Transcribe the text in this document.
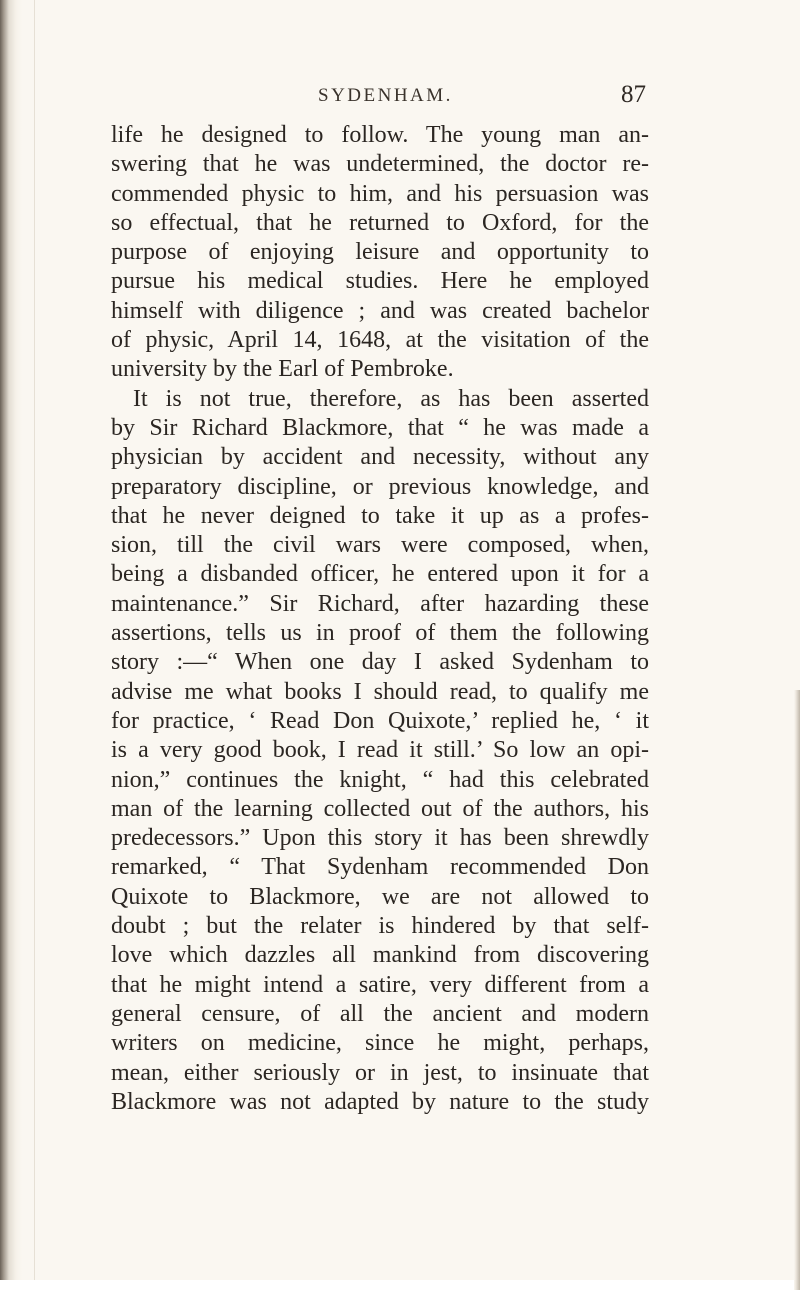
SYDENHAM.	87
life he designed to follow. The young man an-
swering that he was undetermined, the doctor re-
commended physic to him, and his persuasion was
so effectual, that he returned to Oxford, for the
purpose of enjoying leisure and opportunity to
pursue his medical studies. Here he employed
himself with diligence ; and was created bachelor
of physic, April 14, 1648, at the visitation of the
university by the Earl of Pembroke.
It is not true, therefore, as has been asserted
by Sir Richard Blackmore, that “ he was made a
physician by accident and necessity, without any
preparatory discipline, or previous knowledge, and
that he never deigned to take it up as a profes-
sion, till the civil wars were composed, when,
being a disbanded officer, he entered upon it for a
maintenance.” Sir Richard, after hazarding these
assertions, tells us in proof of them the following
story :—“ When one day I asked Sydenham to
advise me what books I should read, to qualify me
for practice, ‘ Read Don Quixote,’ replied he, ‘ it
is a very good book, I read it still.’ So low an opi-
nion,” continues the knight, “ had this celebrated
man of the learning collected out of the authors, his
predecessors.” Upon this story it has been shrewdly
remarked, “ That Sydenham recommended Don
Quixote to Blackmore, we are not allowed to
doubt ; but the relater is hindered by that self-
love which dazzles all mankind from discovering
that he might intend a satire, very different from a
general censure, of all the ancient and modern
writers on medicine, since he might, perhaps,
mean, either seriously or in jest, to insinuate that
Blackmore was not adapted by nature to the study
